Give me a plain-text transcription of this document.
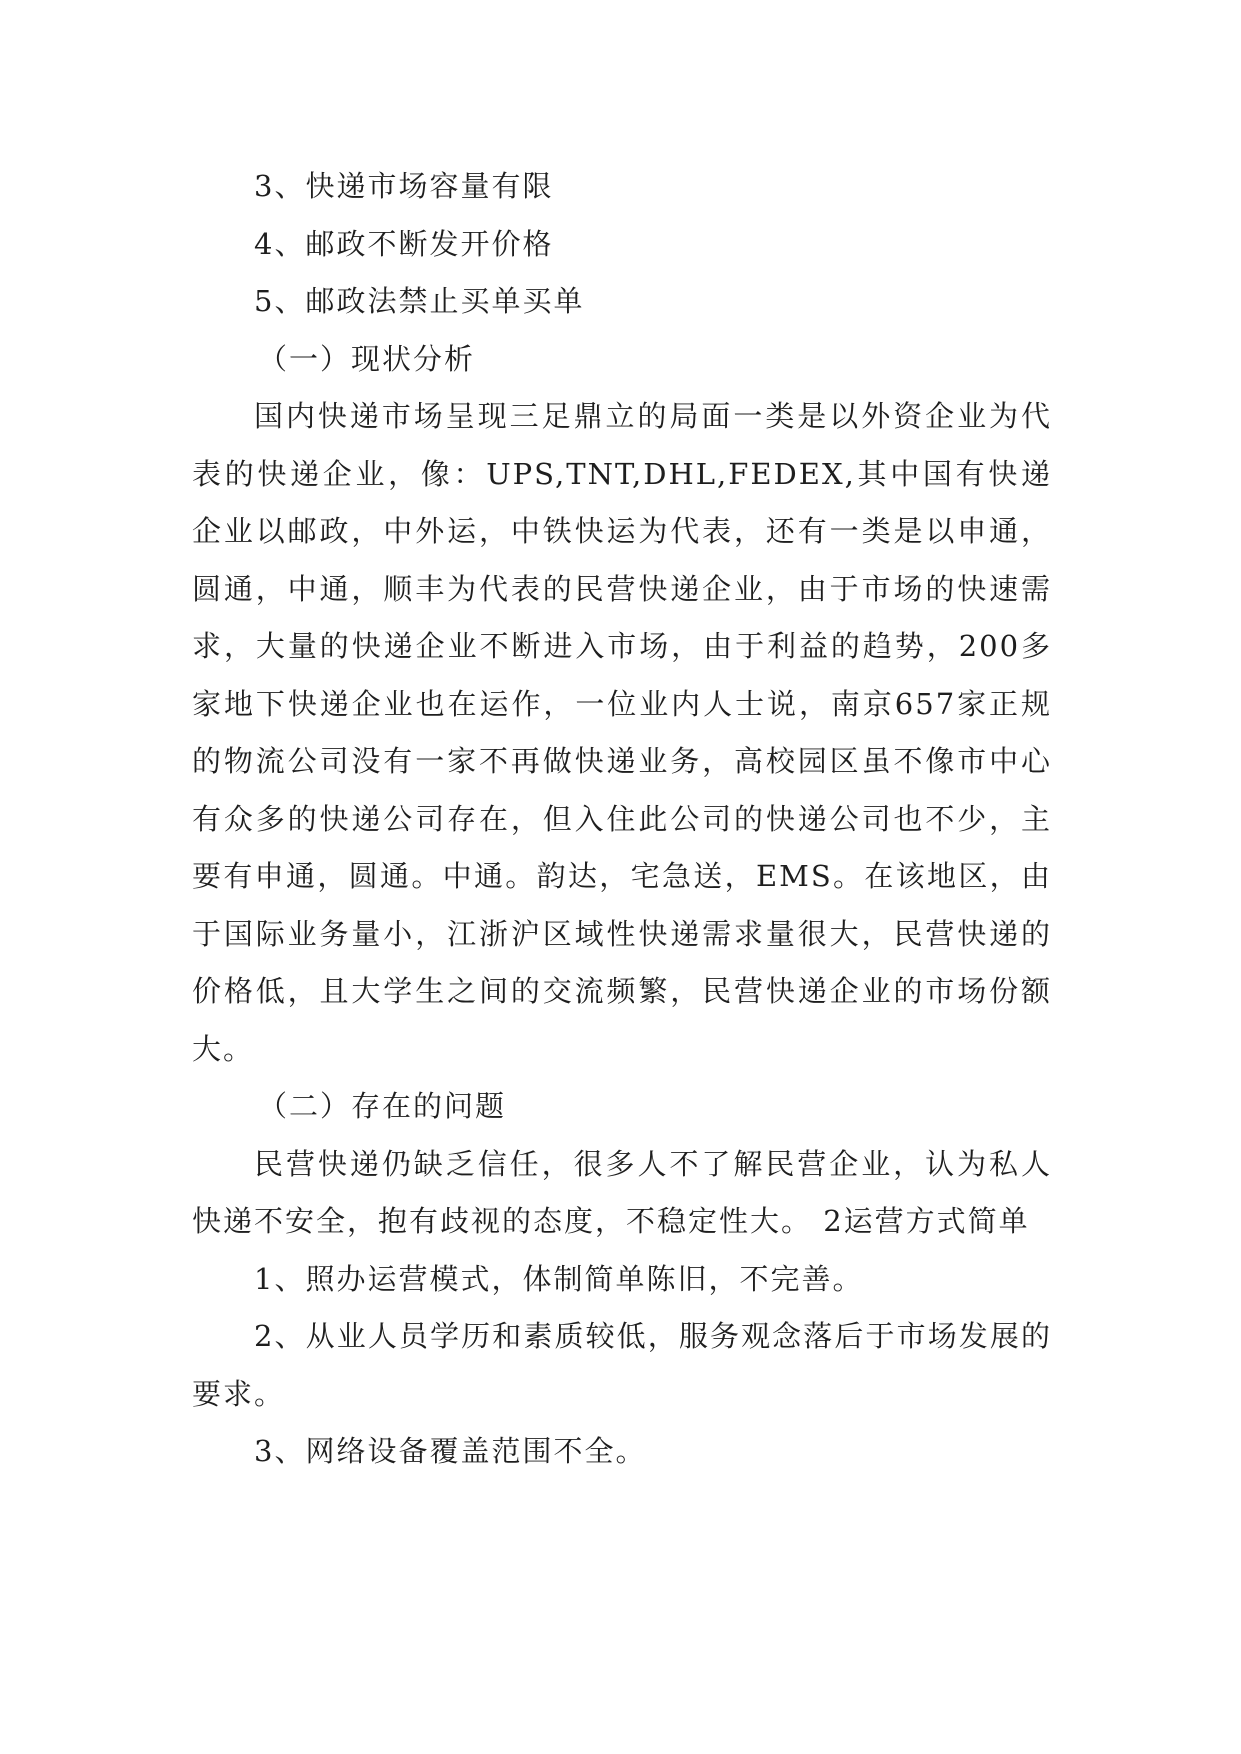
3、快递市场容量有限

4、邮政不断发开价格

5、邮政法禁止买单买单

（一）现状分析

国内快递市场呈现三足鼎立的局面一类是以外资企业为代表的快递企业，像：UPS,TNT,DHL,FEDEX,其中国有快递企业以邮政，中外运，中铁快运为代表，还有一类是以申通，圆通，中通，顺丰为代表的民营快递企业，由于市场的快速需求，大量的快递企业不断进入市场，由于利益的趋势，200多家地下快递企业也在运作，一位业内人士说，南京657家正规的物流公司没有一家不再做快递业务，高校园区虽不像市中心有众多的快递公司存在，但入住此公司的快递公司也不少，主要有申通，圆通。中通。韵达，宅急送，EMS。在该地区，由于国际业务量小，江浙沪区域性快递需求量很大，民营快递的价格低，且大学生之间的交流频繁，民营快递企业的市场份额大。

（二）存在的问题

民营快递仍缺乏信任，很多人不了解民营企业，认为私人快递不安全，抱有歧视的态度，不稳定性大。 2运营方式简单

1、照办运营模式，体制简单陈旧，不完善。

2、从业人员学历和素质较低，服务观念落后于市场发展的要求。

3、网络设备覆盖范围不全。
